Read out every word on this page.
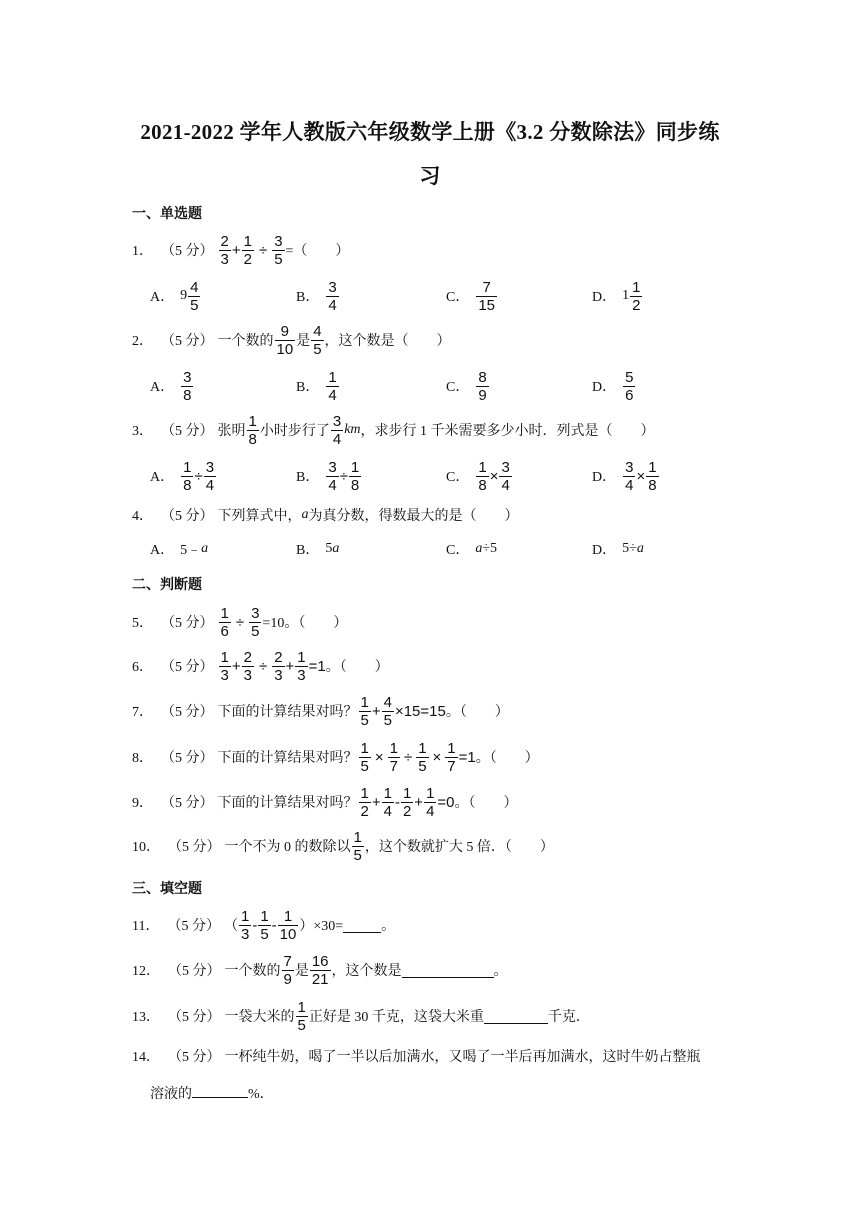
2021-2022 学年人教版六年级数学上册《3.2 分数除法》同步练
习
一、单选题
1． （5 分） $\frac{2}{3} + \frac{1}{2} \div \frac{3}{5}$ =（　　）
A． $9 \frac{4}{5}$	B． $\frac{3}{4}$	C． $\frac{7}{15}$	D． $1 \frac{1}{2}$
2． （5 分） 一个数的 $\frac{9}{10}$ 是 $\frac{4}{5}$ ，这个数是（　　）
A． $\frac{3}{8}$	B． $\frac{1}{4}$	C． $\frac{8}{9}$	D． $\frac{5}{6}$
3． （5 分） 张明 $\frac{1}{8}$ 小时步行了 $\frac{3}{4}$ km ，求步行 1 千米需要多少小时．列式是（　　）
A． $\frac{1}{8} \div \frac{3}{4}$	B． $\frac{3}{4} \div \frac{1}{8}$	C． $\frac{1}{8} \times \frac{3}{4}$	D． $\frac{3}{4} \times \frac{1}{8}$
4． （5 分） 下列算式中， a 为真分数，得数最大的是（　　）
A． 5﹣ a	B． 5 a	C． a ÷5	D． 5÷ a
二、判断题
5． （5 分） $\frac{1}{6} \div \frac{3}{5} =10$。（　　）
6． （5 分） $\frac{1}{3} + \frac{2}{3} \div \frac{2}{3} + \frac{1}{3} =1$ 。（　　）
7． （5 分） 下面的计算结果对吗？ $\frac{1}{5} + \frac{4}{5} \times 15=15$ 。（　　）
8． （5 分） 下面的计算结果对吗？ $\frac{1}{5} \times \frac{1}{7} \div \frac{1}{5} \times \frac{1}{7} =1$ 。（　　）
9． （5 分） 下面的计算结果对吗？ $\frac{1}{2} + \frac{1}{4} - \frac{1}{2} + \frac{1}{4} =0$ 。（　　）
10． （5 分） 一个不为 0 的数除以 $\frac{1}{5}$ ，这个数就扩大 5 倍．（　　）
三、填空题
11． （5 分） （ $\frac{1}{3} - \frac{1}{5} - \frac{1}{10} )\times 30=$	。
12． （5 分） 一个数的 $\frac{7}{9}$ 是 $\frac{16}{21}$ ，这个数是	。
13． （5 分） 一袋大米的 $\frac{1}{5}$ 正好是 30 千克，这袋大米重	千克．
14． （5 分） 一杯纯牛奶，喝了一半以后加满水，又喝了一半后再加满水，这时牛奶占整瓶
溶液的	%．
